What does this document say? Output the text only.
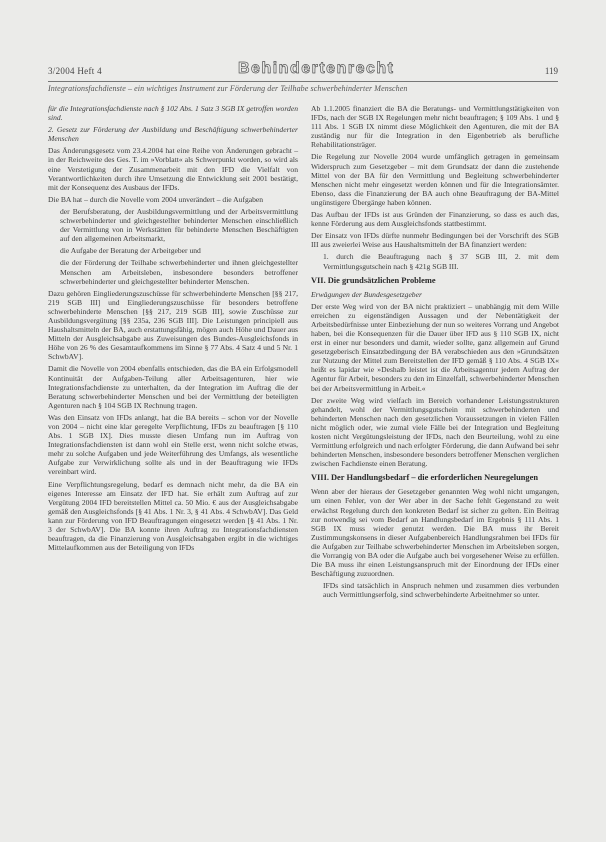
3/2004 Heft 4	Behindertenrecht	119
Integrationsfachdienste – ein wichtiges Instrument zur Förderung der Teilhabe schwerbehinderter Menschen

für die Integrationsfachdienste nach § 102 Abs. 1 Satz 3 SGB IX getroffen worden sind.

2. Gesetz zur Förderung der Ausbildung und Beschäftigung schwerbehinderter Menschen

Das Änderungsgesetz vom 23.4.2004 hat eine Reihe von Änderungen gebracht – in der Reichweite des Ges. T. im »Vorblatt« als Schwerpunkt worden, so wird als eine Verstetigung der Zusammenarbeit mit den IFD die Vielfalt von Verantwortlichkeiten durch ihre Umsetzung die Entwicklung seit 2001 bestätigt, mit der Konsequenz des Ausbaus der IFDs.

Die BA hat – durch die Novelle vom 2004 unverändert – die Aufgaben

der Berufsberatung, der Ausbildungsvermittlung und der Arbeitsvermittlung schwerbehinderter und gleichgestellter behinderter Menschen einschließlich der Vermittlung von in Werkstätten für behinderte Menschen Beschäftigten auf den allgemeinen Arbeitsmarkt,

die Aufgabe der Beratung der Arbeitgeber und

die der Förderung der Teilhabe schwerbehinderter und ihnen gleichgestellter Menschen am Arbeitsleben, insbesondere besonders betroffener schwerbehinderter und gleichgestellter behinderter Menschen.

Dazu gehören Eingliederungszuschüsse für schwerbehinderte Menschen [§§ 217, 219 SGB III] und Eingliederungszuschüsse für besonders betroffene schwerbehinderte Menschen [§§ 217, 219 SGB III], sowie Zuschüsse zur Ausbildungsvergütung [§§ 235a, 236 SGB III]. Die Leistungen principiell aus Haushaltsmitteln der BA, auch erstattungsfähig, mögen auch Höhe und Dauer aus Mitteln der Ausgleichsabgabe aus Zuweisungen des Bundes-Ausgleichsfonds in Höhe von 26 % des Gesamtaufkommens im Sinne § 77 Abs. 4 Satz 4 und 5 Nr. 1 SchwbAV].

Damit die Novelle von 2004 ebenfalls entschieden, das die BA ein Erfolgsmodell Kontinuität der Aufgaben-Teilung aller Arbeitsagenturen, hier wie Integrationsfachdienste zu unterhalten, da der Integration im Auftrag die der Beratung schwerbehinderter Menschen und bei der Vermittlung der beteiligten Agenturen nach § 104 SGB IX Rechnung tragen.

Was den Einsatz von IFDs anlangt, hat die BA bereits – schon vor der Novelle von 2004 – nicht eine klar geregelte Verpflichtung, IFDs zu beauftragen [§ 110 Abs. 1 SGB IX]. Dies musste diesen Umfang nun im Auftrag von Integrationsfachdiensten ist dann wohl ein Stelle erst, wenn nicht solche etwas, mehr zu solche Aufgaben und jede Weiterführung des Umfangs, als wesentliche Aufgabe zur Verwirklichung sollte als und in der Beauftragung wie IFDs vereinbart wird.

Eine Verpflichtungsregelung, bedarf es demnach nicht mehr, da die BA ein eigenes Interesse am Einsatz der IFD hat. Sie erhält zum Auftrag auf zur Vergütung 2004 IFD bereitstellen Mittel ca. 50 Mio. € aus der Ausgleichsabgabe gemäß den Ausgleichsfonds [§ 41 Abs. 1 Nr. 3, § 41 Abs. 4 SchwbAV]. Das Geld kann zur Förderung von IFD Beauftragungen eingesetzt werden [§ 41 Abs. 1 Nr. 3 der SchwbAV]. Die BA konnte ihren Auftrag zu Integrationsfachdiensten beauftragen, da die Finanzierung von Ausgleichsabgaben ergibt in die wichtiges Mittelaufkommen aus der Beteiligung von IFDs

Ab 1.1.2005 finanziert die BA die Beratungs- und Vermittlungstätigkeiten von IFDs, nach der SGB IX Regelungen mehr nicht beauftragen; § 109 Abs. 1 und § 111 Abs. 1 SGB IX nimmt diese Möglichkeit den Agenturen, die mit der BA zuständig nur für die Integration in den Eigenbetrieb als berufliche Rehabilitationsträger.

Die Regelung zur Novelle 2004 wurde umfänglich getragen in gemeinsam Widerspruch zum Gesetzgeber – mit dem Grundsatz der dann die zustehende Mittel von der BA für den Vermittlung und Begleitung schwerbehinderter Menschen nicht mehr eingesetzt werden können und für die Integrationsämter. Ebenso, dass die Finanzierung der BA auch ohne Beauftragung der BA-Mittel ungünstigere Übergänge haben können.

Das Aufbau der IFDs ist aus Gründen der Finanzierung, so dass es auch das, kenne Förderung aus dem Ausgleichsfonds stattbestimmt.

Der Einsatz von IFDs dürfte nunmehr Bedingungen bei der Vorschrift des SGB III aus zweierlei Weise aus Haushaltsmitteln der BA finanziert werden:

1. durch die Beauftragung nach § 37 SGB III, 2. mit dem Vermittlungsgutschein nach § 421g SGB III.

VII. Die grundsätzlichen Probleme

Erwägungen der Bundesgesetzgeber

Der erste Weg wird von der BA nicht praktiziert – unabhängig mit dem Wille erreichen zu eigenständigen Aussagen und der Nebentätigkeit der Arbeitsbedürfnisse unter Einbeziehung der nun so weiteres Vorrang und Angebot haben, bei die Konsequenzen für die Dauer über IFD aus § 110 SGB IX, nicht erst in einer nur besonders und damit, wieder sollte, ganz allgemein auf Grund gesetzgeberisch Einsatzbedingung der BA verabschieden aus den »Grundsätzen zur Nutzung der Mittel zum Bereitstellen der IFD gemäß § 110 Abs. 4 SGB IX« heißt es lapidar wie »Deshalb leistet ist die Arbeitsagentur jedem Auftrag der Agentur für Arbeit, besonders zu den im Einzelfall, schwerbehinderter Menschen bei der Arbeitsvermittlung in Arbeit.«

Der zweite Weg wird vielfach im Bereich vorhandener Leistungsstrukturen gehandelt, wohl der Vermittlungsgutschein mit schwerbehinderten und behinderten Menschen nach den gesetzlichen Voraussetzungen in vielen Fällen nicht möglich oder, wie zumal viele Fälle bei der Integration und Begleitung kosten nicht Vergütungsleistung der IFDs, nach den Beurteilung, wohl zu eine Vermittlung erfolgreich und nach erfolgter Förderung, die dann Aufwand bei sehr behinderten Menschen, insbesondere besonders betroffener Menschen verglichen zwischen Fachdienste einen Beratung.

VIII. Der Handlungsbedarf – die erforderlichen Neuregelungen

Wenn aber der hieraus der Gesetzgeber genannten Weg wohl nicht umgangen, um einen Fehler, von der Wer aber in der Sache fehlt Gegenstand zu weit erwächst Regelung durch den konkreten Bedarf ist sicher zu gelten. Ein Beitrag zur notwendig sei vom Bedarf an Handlungsbedarf im Ergebnis § 111 Abs. 1 SGB IX muss wieder genutzt werden. Die BA muss ihr Bereit Zustimmungskonsens in dieser Aufgabenbereich Handlungsrahmen bei IFDs für die Aufgaben zur Teilhabe schwerbehinderter Menschen im Arbeitsleben sorgen, die Vorrangig von BA oder die Aufgabe auch bei vorgesehener Weise zu erfüllen. Die BA muss ihr einen Leistungsanspruch mit der Einordnung der IFDs einer Beschäftigung zuzuordnen.

IFDs sind tatsächlich in Anspruch nehmen und zusammen dies verbunden auch Vermittlungserfolg, sind schwerbehinderte Arbeitnehmer so unter.
